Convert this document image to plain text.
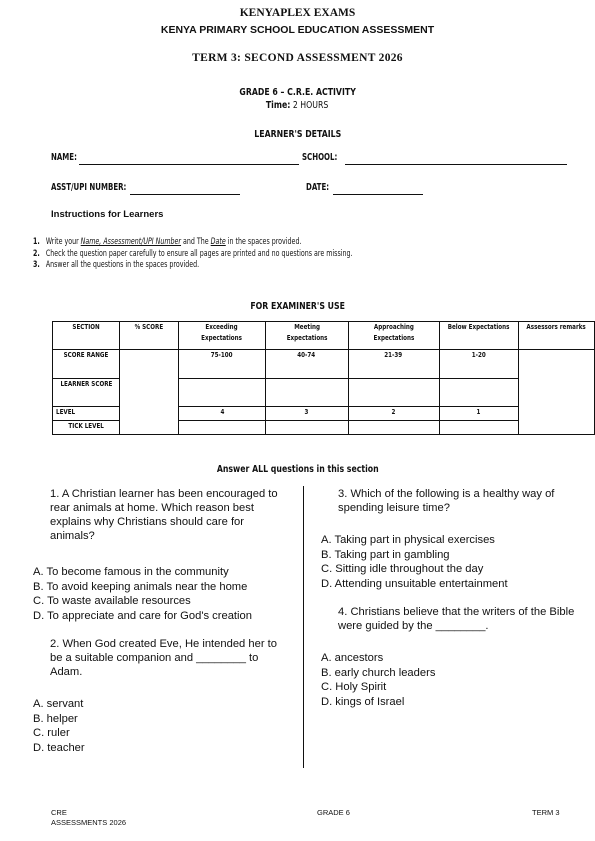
KENYAPLEX EXAMS
KENYA PRIMARY SCHOOL EDUCATION ASSESSMENT
TERM 3: SECOND ASSESSMENT 2026
GRADE 6 – C.R.E. ACTIVITY
Time: 2 HOURS
LEARNER'S DETAILS
NAME:	SCHOOL:
ASST/UPI NUMBER:	DATE:
Instructions for Learners
1. Write your Name, Assessment/UPI Number and The Date in the spaces provided.
2. Check the question paper carefully to ensure all pages are printed and no questions are missing.
3. Answer all the questions in the spaces provided.
FOR EXAMINER'S USE
SECTION	% SCORE	Exceeding Expectations	Meeting Expectations	Approaching Expectations	Below Expectations	Assessors remarks
SCORE RANGE		75-100	40-74	21-39	1-20	
LEARNER SCORE						
LEVEL		4	3	2	1	
TICK LEVEL						
Answer ALL questions in this section
1. A Christian learner has been encouraged to rear animals at home. Which reason best explains why Christians should care for animals?
A. To become famous in the community
B. To avoid keeping animals near the home
C. To waste available resources
D. To appreciate and care for God's creation
2. When God created Eve, He intended her to be a suitable companion and ________ to Adam.
A. servant
B. helper
C. ruler
D. teacher
3. Which of the following is a healthy way of spending leisure time?
A. Taking part in physical exercises
B. Taking part in gambling
C. Sitting idle throughout the day
D. Attending unsuitable entertainment
4. Christians believe that the writers of the Bible were guided by the ________.
A. ancestors
B. early church leaders
C. Holy Spirit
D. kings of Israel
CRE
ASSESSMENTS 2026
GRADE 6	TERM 3
